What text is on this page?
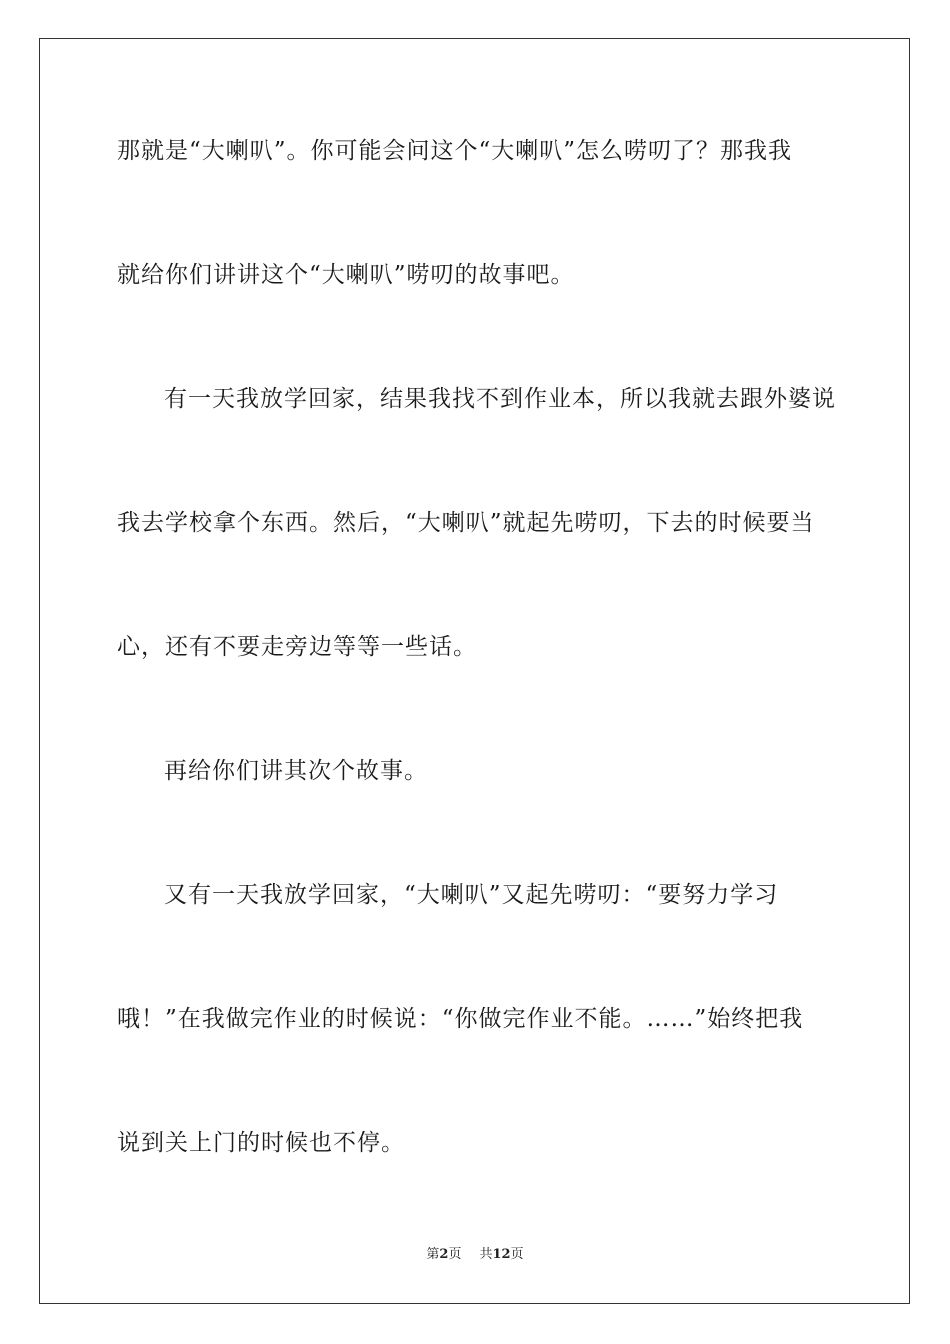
那就是“大喇叭”。你可能会问这个“大喇叭”怎么唠叨了？那我我
就给你们讲讲这个“大喇叭”唠叨的故事吧。
有一天我放学回家，结果我找不到作业本，所以我就去跟外婆说
我去学校拿个东西。然后，“大喇叭”就起先唠叨，下去的时候要当
心，还有不要走旁边等等一些话。
再给你们讲其次个故事。
又有一天我放学回家，“大喇叭”又起先唠叨：“要努力学习
哦！”在我做完作业的时候说：“你做完作业不能。……”始终把我
说到关上门的时候也不停。
第2页 共12页
